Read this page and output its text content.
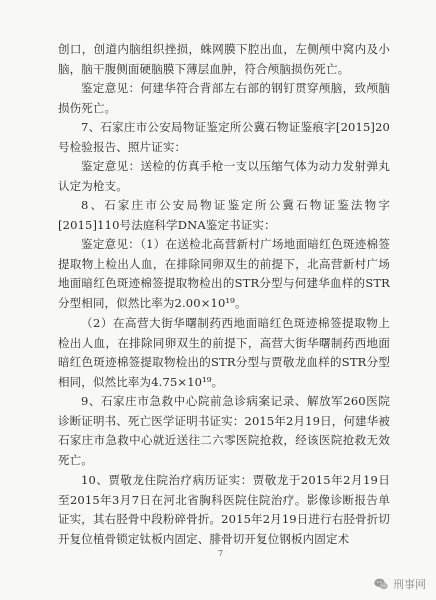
创口，创道内脑组织挫损，蛛网膜下腔出血，左侧颅中窝内及小脑，脑干腹侧面硬脑膜下薄层血肿，符合颅脑损伤死亡。

鉴定意见：何建华符合背部左右部的钢钉贯穿颅脑，致颅脑损伤死亡。

7、石家庄市公安局物证鉴定所公冀石物证鉴痕字[2015]20号检验报告、照片证实：

鉴定意见：送检的仿真手枪一支以压缩气体为动力发射弹丸认定为枪支。

8、石家庄市公安局物证鉴定所公冀石物证鉴法物字[2015]110号法庭科学DNA鉴定书证实：

鉴定意见：（1）在送检北高营新村广场地面暗红色斑迹棉签提取物上检出人血，在排除同卵双生的前提下，北高营新村广场地面暗红色斑迹棉签提取物检出的STR分型与何建华血样的STR分型相同，似然比率为2.00×10¹⁹。

（2）在高营大街华曙制药西地面暗红色斑迹棉签提取物上检出人血，在排除同卵双生的前提下，高营大街华曙制药西地面暗红色斑迹棉签提取物检出的STR分型与贾敬龙血样的STR分型相同，似然比率为4.75×10¹⁹。

9、石家庄市急救中心院前急诊病案记录、解放军260医院诊断证明书、死亡医学证明书证实：2015年2月19日，何建华被石家庄市急救中心就近送往二六零医院抢救，经该医院抢救无效死亡。

10、贾敬龙住院治疗病历证实：贾敬龙于2015年2月19日至2015年3月7日在河北省胸科医院住院治疗。影像诊断报告单证实，其右胫骨中段粉碎骨折。2015年2月19日进行右胫骨折切开复位植骨锁定钛板内固定、腓骨切开复位钢板内固定术

7
刑事网
